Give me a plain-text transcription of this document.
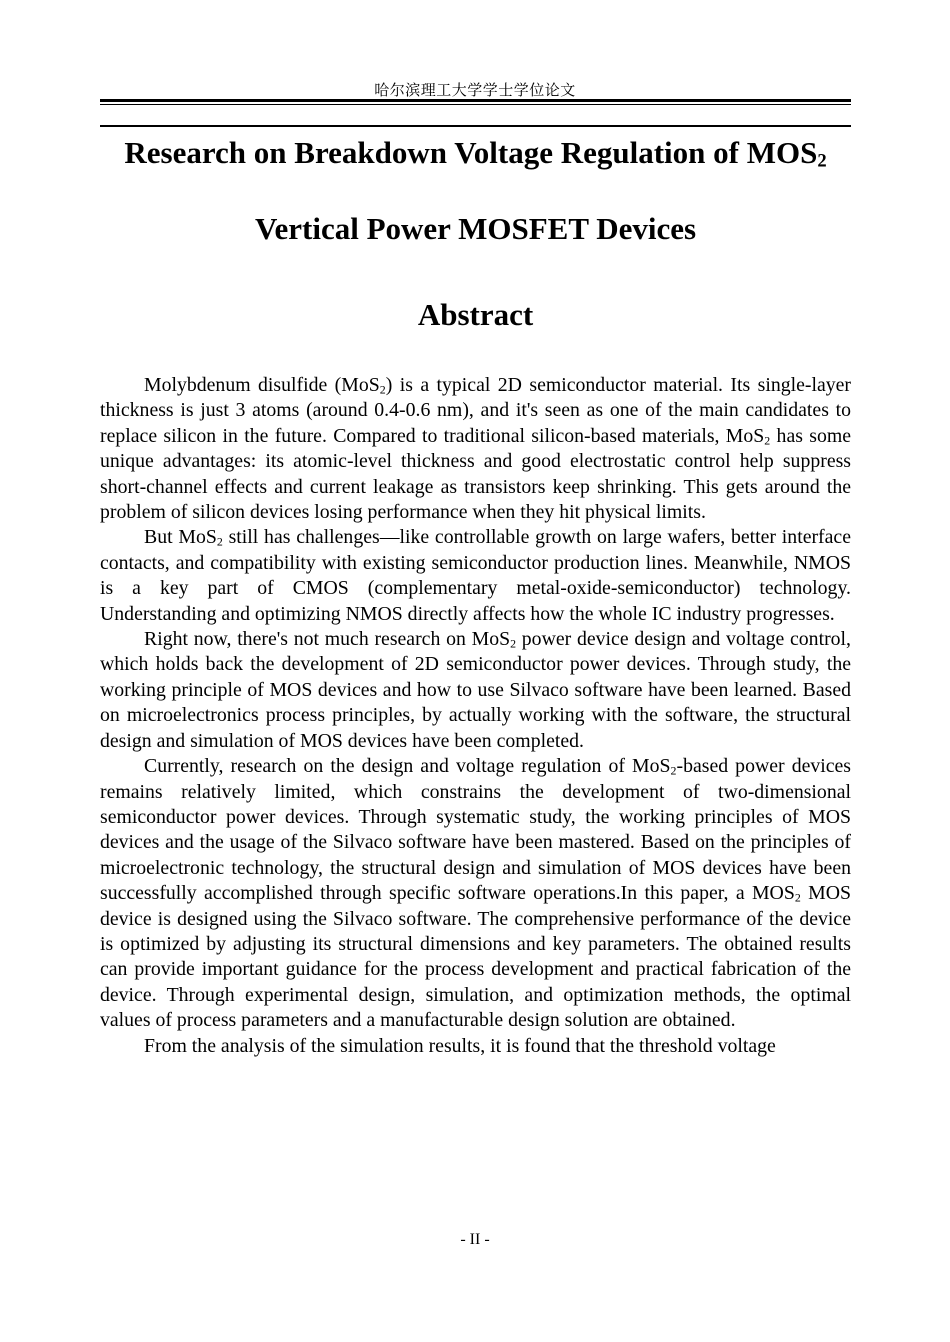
哈尔滨理工大学学士学位论文
Research on Breakdown Voltage Regulation of MOS2
Vertical Power MOSFET Devices
Abstract

Molybdenum disulfide (MoS2) is a typical 2D semiconductor material. Its single-layer thickness is just 3 atoms (around 0.4-0.6 nm), and it's seen as one of the main candidates to replace silicon in the future. Compared to traditional silicon-based materials, MoS2 has some unique advantages: its atomic-level thickness and good electrostatic control help suppress short-channel effects and current leakage as transistors keep shrinking. This gets around the problem of silicon devices losing performance when they hit physical limits.

But MoS2 still has challenges—like controllable growth on large wafers, better interface contacts, and compatibility with existing semiconductor production lines. Meanwhile, NMOS is a key part of CMOS (complementary metal-oxide-semiconductor) technology. Understanding and optimizing NMOS directly affects how the whole IC industry progresses.

Right now, there's not much research on MoS2 power device design and voltage control, which holds back the development of 2D semiconductor power devices. Through study, the working principle of MOS devices and how to use Silvaco software have been learned. Based on microelectronics process principles, by actually working with the software, the structural design and simulation of MOS devices have been completed.

Currently, research on the design and voltage regulation of MoS2-based power devices remains relatively limited, which constrains the development of two-dimensional semiconductor power devices. Through systematic study, the working principles of MOS devices and the usage of the Silvaco software have been mastered. Based on the principles of microelectronic technology, the structural design and simulation of MOS devices have been successfully accomplished through specific software operations.In this paper, a MOS2 MOS device is designed using the Silvaco software. The comprehensive performance of the device is optimized by adjusting its structural dimensions and key parameters. The obtained results can provide important guidance for the process development and practical fabrication of the device. Through experimental design, simulation, and optimization methods, the optimal values of process parameters and a manufacturable design solution are obtained.

From the analysis of the simulation results, it is found that the threshold voltage

- II -
